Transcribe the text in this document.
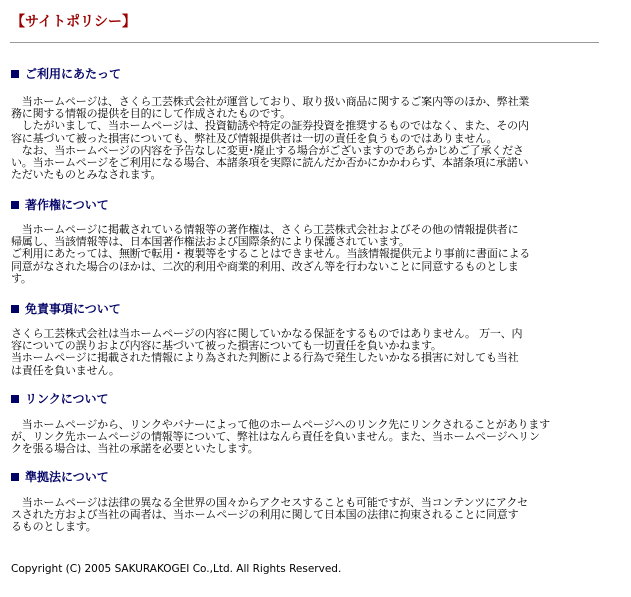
【サイトポリシー】
ご利用にあたって
　当ホームページは、さくら工芸株式会社が運営しており、取り扱い商品に関するご案内等のほか、弊社業
務に関する情報の提供を目的にして作成されたものです。
　したがいまして、当ホームページは、投資勧誘や特定の証券投資を推奨するものではなく、また、その内
容に基づいて被った損害についても、弊社及び情報提供者は一切の責任を負うものではありません。
　なお、当ホームページの内容を予告なしに変更･廃止する場合がございますのであらかじめご了承くださ
い。当ホームページをご利用になる場合、本諸条項を実際に読んだか否かにかかわらず、本諸条項に承諾い
ただいたものとみなされます。
著作権について
　当ホームページに掲載されている情報等の著作権は、さくら工芸株式会社およびその他の情報提供者に
帰属し、当該情報等は、日本国著作権法および国際条約により保護されています。
ご利用にあたっては、無断で転用・複製等をすることはできません。当該情報提供元より事前に書面による
同意がなされた場合のほかは、二次的利用や商業的利用、改ざん等を行わないことに同意するものとしま
す。
免責事項について
さくら工芸株式会社は当ホームページの内容に関していかなる保証をするものではありません。 万一、内
容についての誤りおよび内容に基づいて被った損害についても一切責任を負いかねます。
当ホームページに掲載された情報により為された判断による行為で発生したいかなる損害に対しても当社
は責任を負いません。
リンクについて
　当ホームページから、リンクやバナーによって他のホームページへのリンク先にリンクされることがあります
が、リンク先ホームページの情報等について、弊社はなんら責任を負いません。また、当ホームページへリン
クを張る場合は、当社の承諾を必要といたします。
準拠法について
　当ホームページは法律の異なる全世界の国々からアクセスすることも可能ですが、当コンテンツにアクセ
スされた方および当社の両者は、当ホームページの利用に関して日本国の法律に拘束されることに同意す
るものとします。
Copyright (C) 2005 SAKURAKOGEI Co.,Ltd. All Rights Reserved.
